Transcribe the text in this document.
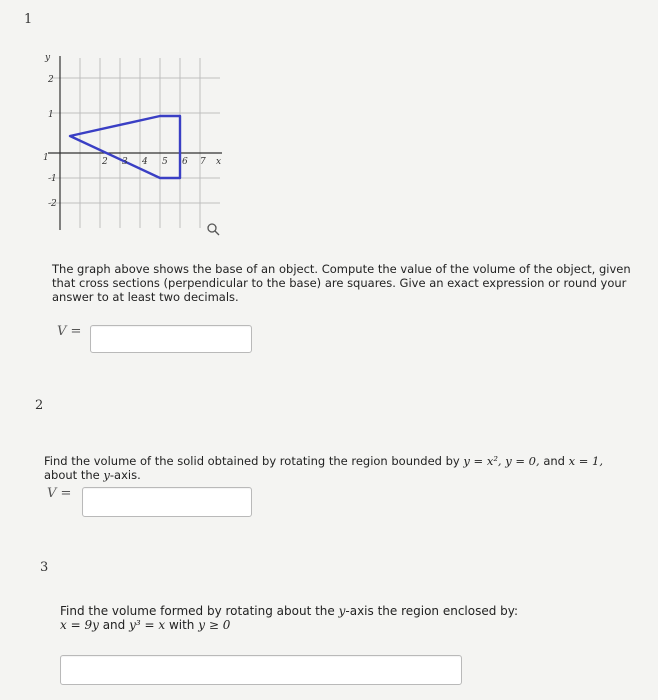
1
y
2
1
-1
-2
1	2 3 4 5 6 7 x
The graph above shows the base of an object. Compute the value of the volume of the object, given that cross sections (perpendicular to the base) are squares. Give an exact expression or round your answer to at least two decimals.
V =
2
Find the volume of the solid obtained by rotating the region bounded by y = x², y = 0, and x = 1,
about the y-axis.
V =
3
Find the volume formed by rotating about the y-axis the region enclosed by:
x = 9y and y³ = x with y ≥ 0
